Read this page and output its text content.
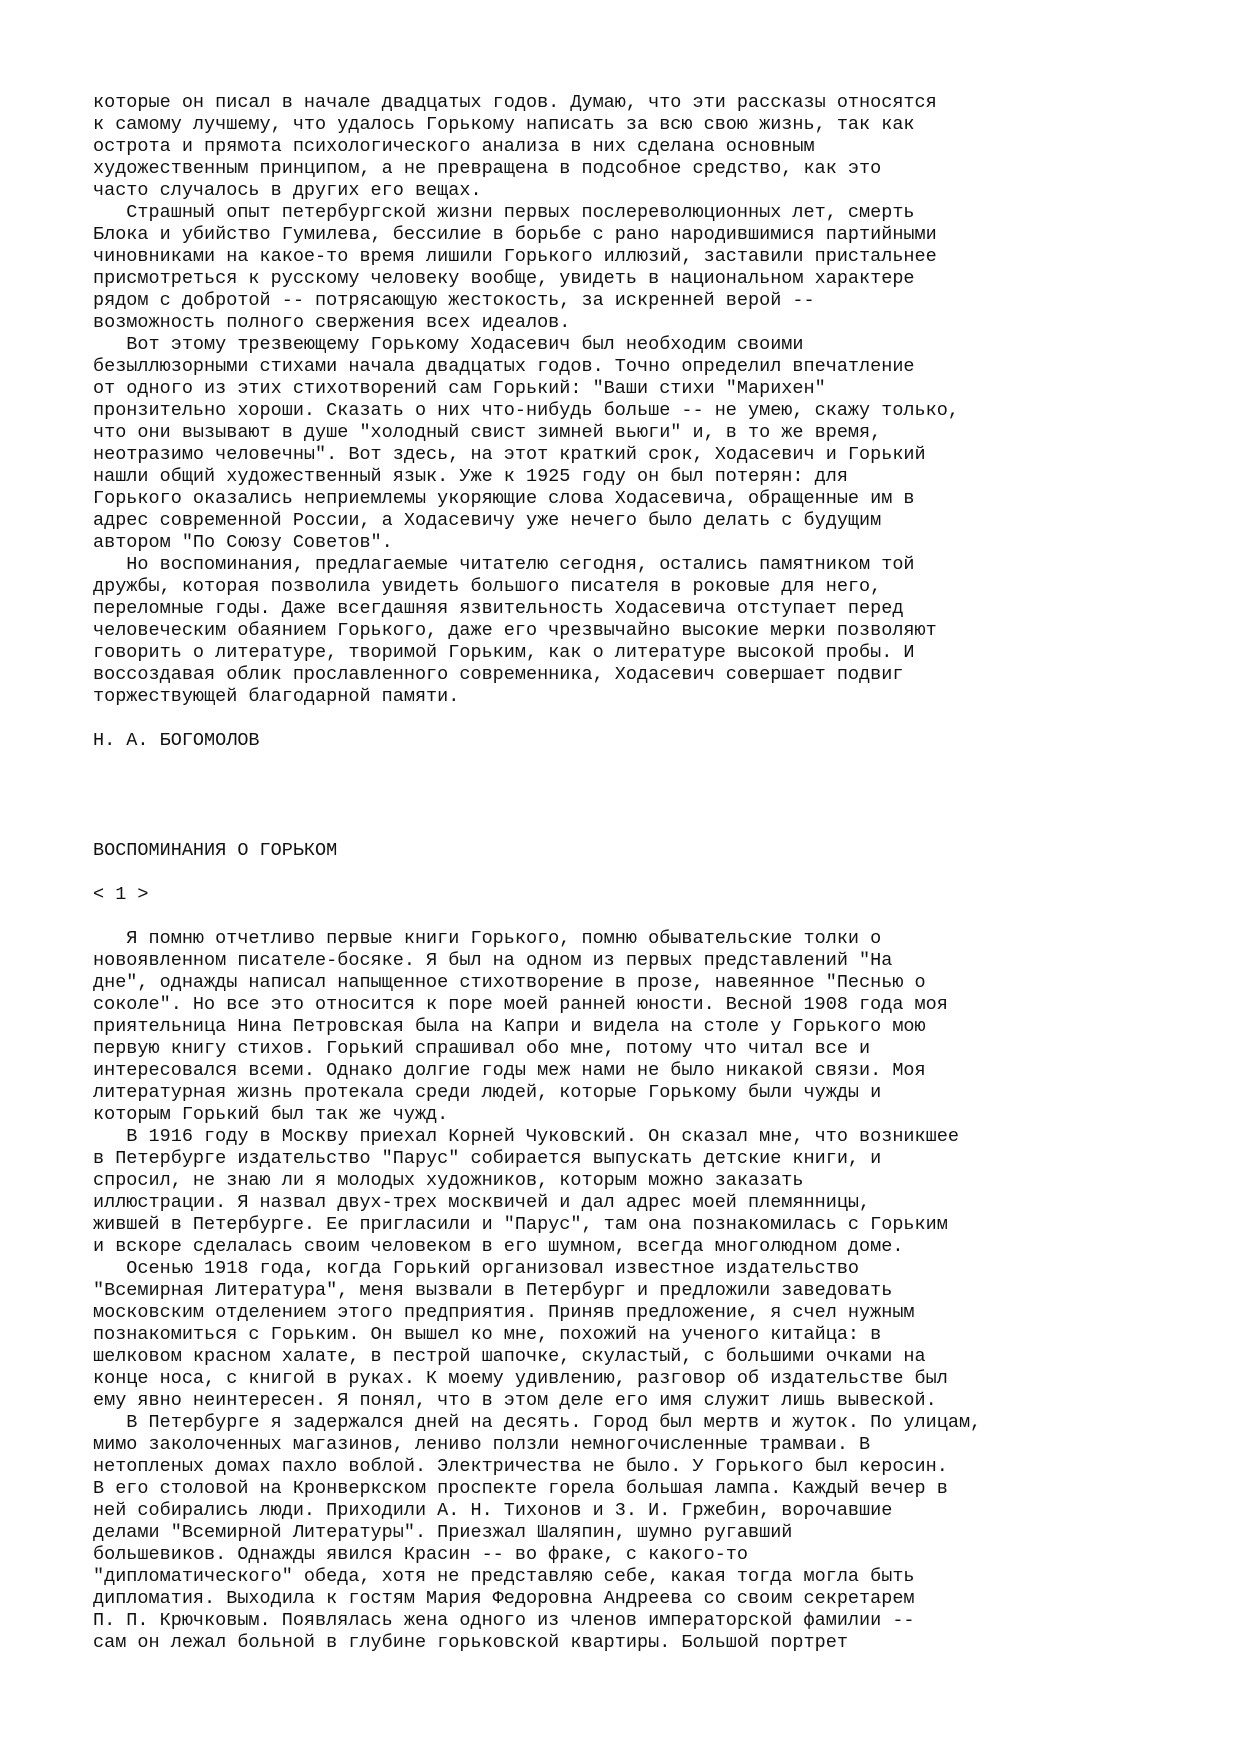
которые он писал в начале двадцатых годов. Думаю, что эти рассказы относятся
к самому лучшему, что удалось Горькому написать за всю свою жизнь, так как
острота и прямота психологического анализа в них сделана основным
художественным принципом, а не превращена в подсобное средство, как это
часто случалось в других его вещах.
Страшный опыт петербургской жизни первых послереволюционных лет, смерть
Блока и убийство Гумилева, бессилие в борьбе с рано народившимися партийными
чиновниками на какое-то время лишили Горького иллюзий, заставили пристальнее
присмотреться к русскому человеку вообще, увидеть в национальном характере
рядом с добротой -- потрясающую жестокость, за искренней верой --
возможность полного свержения всех идеалов.
Вот этому трезвеющему Горькому Ходасевич был необходим своими
безыллюзорными стихами начала двадцатых годов. Точно определил впечатление
от одного из этих стихотворений сам Горький: "Ваши стихи "Марихен"
пронзительно хороши. Сказать о них что-нибудь больше -- не умею, скажу только,
что они вызывают в душе "холодный свист зимней вьюги" и, в то же время,
неотразимо человечны". Вот здесь, на этот краткий срок, Ходасевич и Горький
нашли общий художественный язык. Уже к 1925 году он был потерян: для
Горького оказались неприемлемы укоряющие слова Ходасевича, обращенные им в
адрес современной России, а Ходасевичу уже нечего было делать с будущим
автором "По Союзу Советов".
Но воспоминания, предлагаемые читателю сегодня, остались памятником той
дружбы, которая позволила увидеть большого писателя в роковые для него,
переломные годы. Даже всегдашняя язвительность Ходасевича отступает перед
человеческим обаянием Горького, даже его чрезвычайно высокие мерки позволяют
говорить о литературе, творимой Горьким, как о литературе высокой пробы. И
воссоздавая облик прославленного современника, Ходасевич совершает подвиг
торжествующей благодарной памяти.
Н. А. БОГОМОЛОВ
ВОСПОМИНАНИЯ О ГОРЬКОМ
< 1 >
Я помню отчетливо первые книги Горького, помню обывательские толки о
новоявленном писателе-босяке. Я был на одном из первых представлений "На
дне", однажды написал напыщенное стихотворение в прозе, навеянное "Песнью о
соколе". Но все это относится к поре моей ранней юности. Весной 1908 года моя
приятельница Нина Петровская была на Капри и видела на столе у Горького мою
первую книгу стихов. Горький спрашивал обо мне, потому что читал все и
интересовался всеми. Однако долгие годы меж нами не было никакой связи. Моя
литературная жизнь протекала среди людей, которые Горькому были чужды и
которым Горький был так же чужд.
В 1916 году в Москву приехал Корней Чуковский. Он сказал мне, что возникшее
в Петербурге издательство "Парус" собирается выпускать детские книги, и
спросил, не знаю ли я молодых художников, которым можно заказать
иллюстрации. Я назвал двух-трех москвичей и дал адрес моей племянницы,
жившей в Петербурге. Ее пригласили и "Парус", там она познакомилась с Горьким
и вскоре сделалась своим человеком в его шумном, всегда многолюдном доме.
Осенью 1918 года, когда Горький организовал известное издательство
"Всемирная Литература", меня вызвали в Петербург и предложили заведовать
московским отделением этого предприятия. Приняв предложение, я счел нужным
познакомиться с Горьким. Он вышел ко мне, похожий на ученого китайца: в
шелковом красном халате, в пестрой шапочке, скуластый, с большими очками на
конце носа, с книгой в руках. К моему удивлению, разговор об издательстве был
ему явно неинтересен. Я понял, что в этом деле его имя служит лишь вывеской.
В Петербурге я задержался дней на десять. Город был мертв и жуток. По улицам,
мимо заколоченных магазинов, лениво ползли немногочисленные трамваи. В
нетопленых домах пахло воблой. Электричества не было. У Горького был керосин.
В его столовой на Кронверкском проспекте горела большая лампа. Каждый вечер в
ней собирались люди. Приходили А. Н. Тихонов и 3. И. Гржебин, ворочавшие
делами "Всемирной Литературы". Приезжал Шаляпин, шумно ругавший
большевиков. Однажды явился Красин -- во фраке, с какого-то
"дипломатического" обеда, хотя не представляю себе, какая тогда могла быть
дипломатия. Выходила к гостям Мария Федоровна Андреева со своим секретарем
П. П. Крючковым. Появлялась жена одного из членов императорской фамилии --
сам он лежал больной в глубине горьковской квартиры. Большой портрет
